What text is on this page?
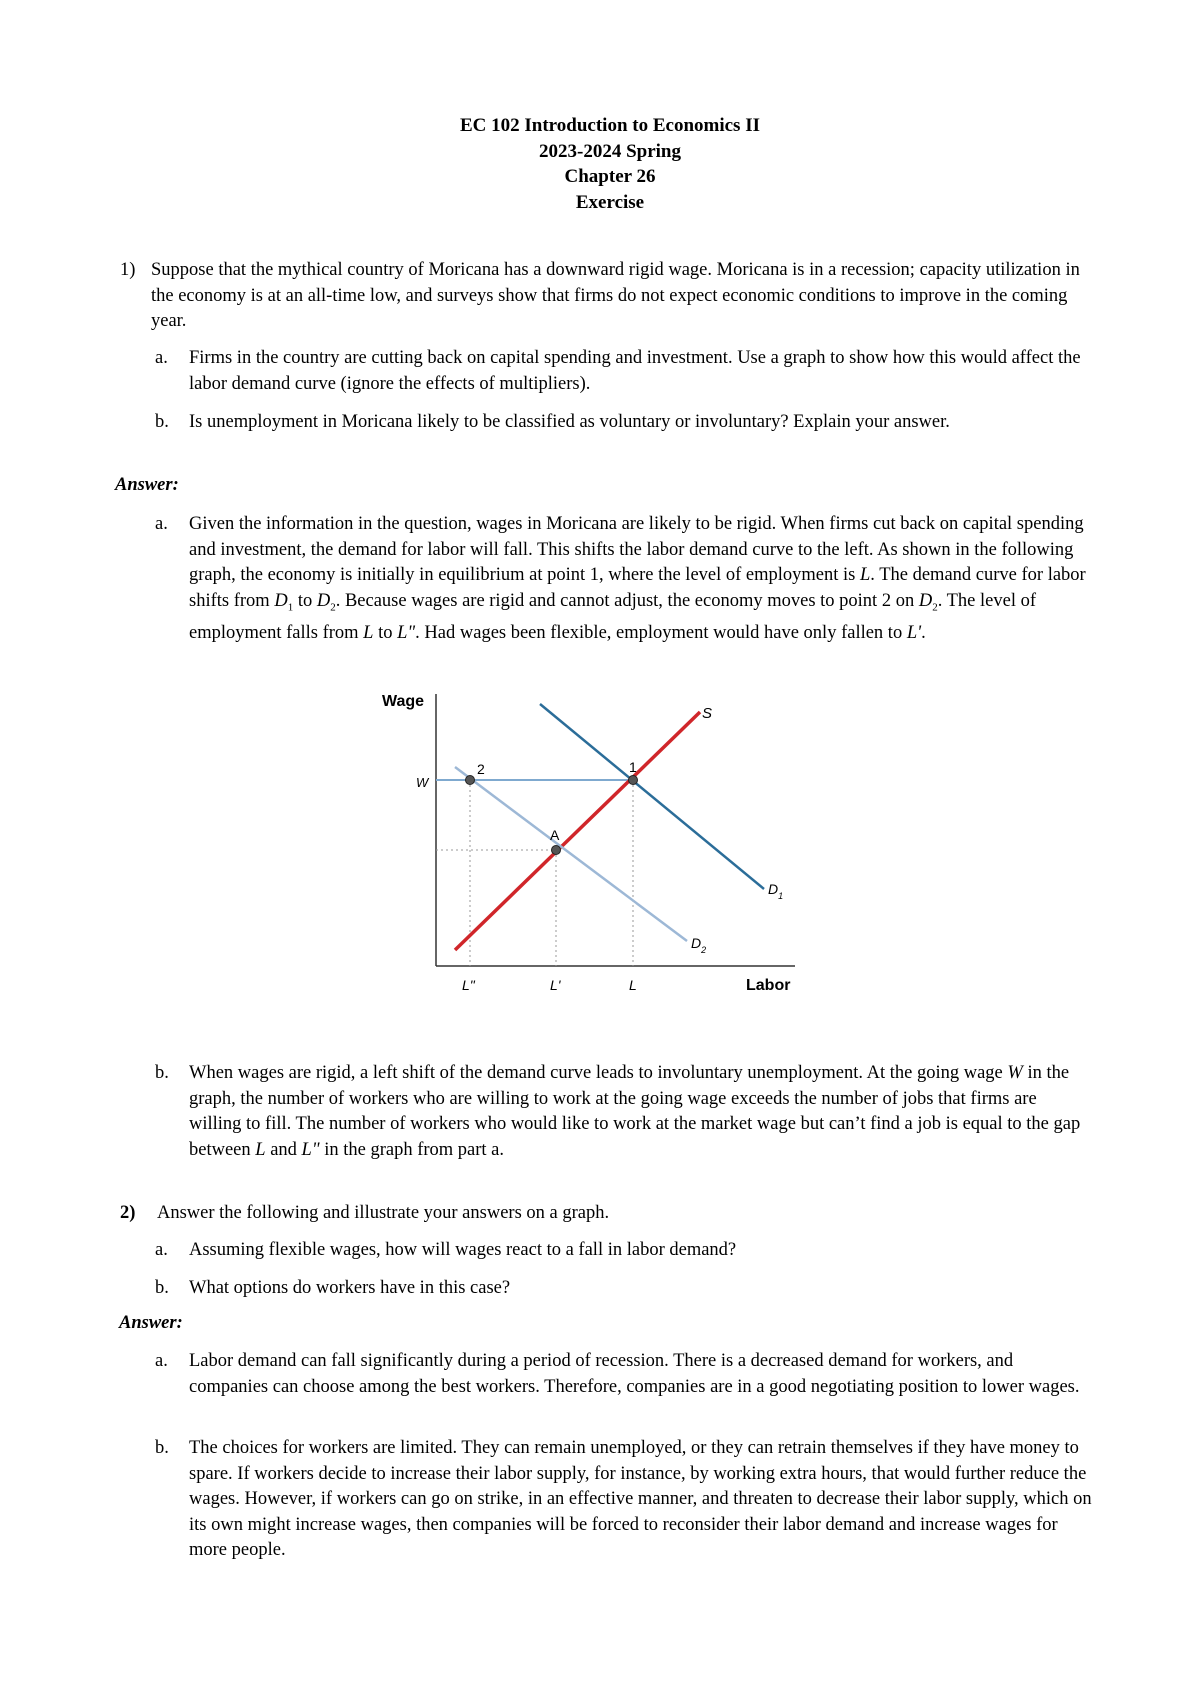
EC 102 Introduction to Economics II
2023-2024 Spring
Chapter 26
Exercise
1) Suppose that the mythical country of Moricana has a downward rigid wage. Moricana is in a recession; capacity utilization in the economy is at an all-time low, and surveys show that firms do not expect economic conditions to improve in the coming year.

a. Firms in the country are cutting back on capital spending and investment. Use a graph to show how this would affect the labor demand curve (ignore the effects of multipliers).

b.	Is unemployment in Moricana likely to be classified as voluntary or involuntary? Explain your answer.

Answer:
a. Given the information in the question, wages in Moricana are likely to be rigid. When firms cut back on capital spending and investment, the demand for labor will fall. This shifts the labor demand curve to the left. As shown in the following graph, the economy is initially in equilibrium at point 1, where the level of employment is L. The demand curve for labor shifts from $D_1$ to $D_2$. Because wages are rigid and cannot adjust, the economy moves to point 2 on $D_2$. The level of employment falls from L to L". Had wages been flexible, employment would have only fallen to L'.

Wage
Labor
W
2	1
A
S
$D_1$
$D_2$
L"	L'	L
b. When wages are rigid, a left shift of the demand curve leads to involuntary unemployment. At the going wage W in the graph, the number of workers who are willing to work at the going wage exceeds the number of jobs that firms are willing to fill. The number of workers who would like to work at the market wage but can’t find a job is equal to the gap between L and L" in the graph from part a.

2) Answer the following and illustrate your answers on a graph.

a. Assuming flexible wages, how will wages react to a fall in labor demand?

b. What options do workers have in this case?

Answer:
a. Labor demand can fall significantly during a period of recession. There is a decreased demand for workers, and companies can choose among the best workers. Therefore, companies are in a good negotiating position to lower wages.

b. The choices for workers are limited. They can remain unemployed, or they can retrain themselves if they have money to spare. If workers decide to increase their labor supply, for instance, by working extra hours, that would further reduce the wages. However, if workers can go on strike, in an effective manner, and threaten to decrease their labor supply, which on its own might increase wages, then companies will be forced to reconsider their labor demand and increase wages for more people.
